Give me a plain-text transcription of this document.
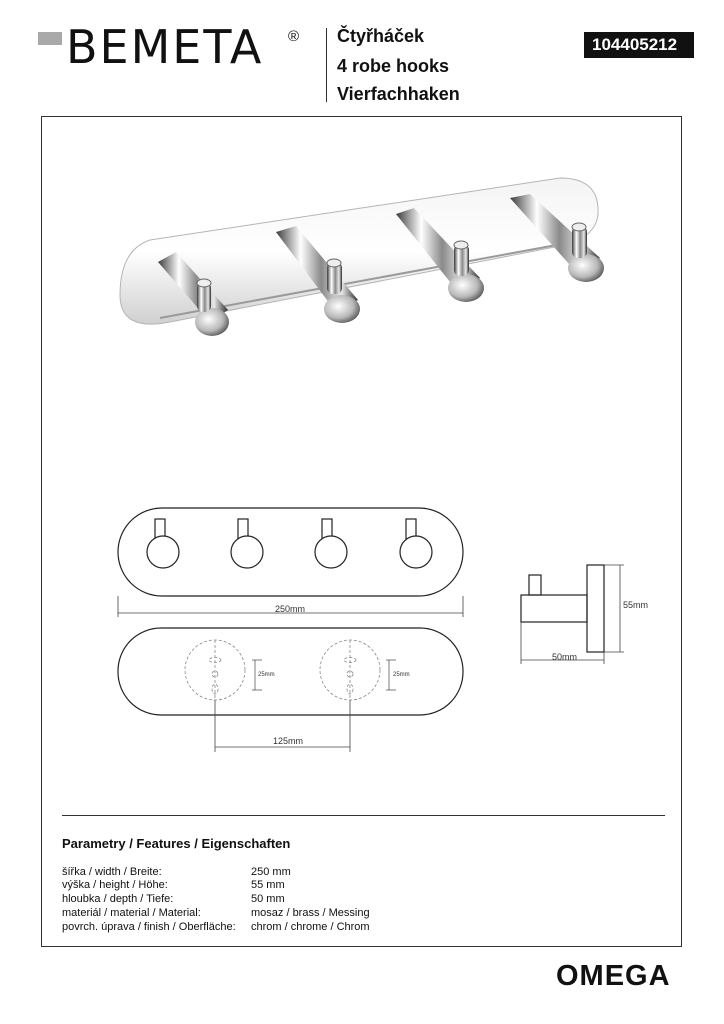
BEMETA ® Čtyřháček
4 robe hooks
Vierfachhaken
104405212
250mm
25mm	25mm
125mm
55mm
50mm
Parametry / Features / Eigenschaften
šířka / width / Breite:	250 mm
výška / height / Höhe:	55 mm
hloubka / depth / Tiefe:	50 mm
materiál / material / Material:	mosaz / brass / Messing
povrch. úprava / finish / Oberfläche: chrom / chrome / Chrom
OMEGA
